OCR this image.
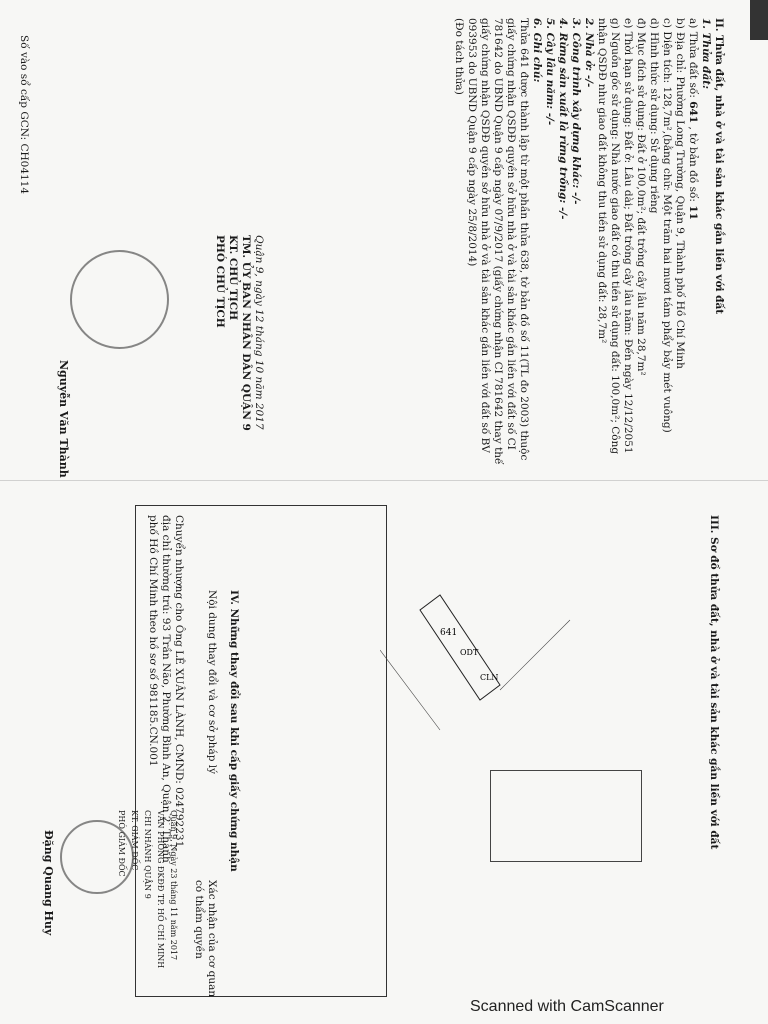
II. Thửa đất, nhà ở và tài sản khác gắn liền với đất
1. Thửa đất:
a) Thửa đất số: 641 , tờ bản đồ số: 11
b) Địa chỉ: Phường Long Trường, Quận 9, Thành phố Hồ Chí Minh
c) Diện tích: 128,7m²,(bằng chữ: Một trăm hai mươi tám phẩy bảy mét vuông)
d) Hình thức sử dụng: Sử dụng riêng
đ) Mục đích sử dụng: Đất ở 100,0m²; đất trồng cây lâu năm 28,7m²
e) Thời hạn sử dụng: Đất ở: Lâu dài; Đất trồng cây lâu năm: Đến ngày 12/12/2051
g) Nguồn gốc sử dụng: Nhà nước giao đất có thu tiền sử dụng đất: 100,0m²; Công nhận QSDĐ như giao đất không thu tiền sử dụng đất: 28,7m²
2. Nhà ở: -/-
3. Công trình xây dựng khác: -/-
4. Rừng sản xuất là rừng trồng: -/-
5. Cây lâu năm: -/-
6. Ghi chú:
Thửa 641 được thành lập từ một phần thửa 638, tờ bản đồ số 11(TL đo 2003) thuộc
giấy chứng nhận QSDĐ quyền sở hữu nhà ở và tài sản khác gắn liền với đất số CI
781642 do UBND Quận 9 cấp ngày 07/9/2017 (giấy chứng nhận CI 781642 thay thế
giấy chứng nhận QSDĐ quyền sở hữu nhà ở và tài sản khác gắn liền với đất số BV
093953 do UBND Quận 9 cấp ngày 25/8/2014)
(Đo tách thửa)
Quận 9, ngày 12 tháng 10 năm 2017
TM. ỦY BAN NHÂN DÂN QUẬN 9
KT. CHỦ TỊCH
PHÓ CHỦ TỊCH
Nguyễn Văn Thành
Số vào sổ cấp GCN: CH04114
III. Sơ đồ thửa đất, nhà ở và tài sản khác gắn liền với đất
641
ODT
CLN
IV. Những thay đổi sau khi cấp giấy chứng nhận
Nội dung thay đổi và cơ sở pháp lý
Xác nhận của cơ quan
có thẩm quyền
Chuyển nhượng cho Ông LÊ XUÂN LÀNH, CMND: 024792231,
địa chỉ thường trú: 93 Trần Não, Phường Bình An, Quận 2, Thành
phố Hồ Chí Minh theo hồ sơ số 981185.CN.001
Quận 9, Ngày 23 tháng 11 năm 2017
VĂN PHÒNG ĐKĐĐ TP. HỒ CHÍ MINH
CHI NHÁNH QUẬN 9
KT. GIÁM ĐỐC
PHÓ GIÁM ĐỐC
Đặng Quang Huy
Scanned with CamScanner
